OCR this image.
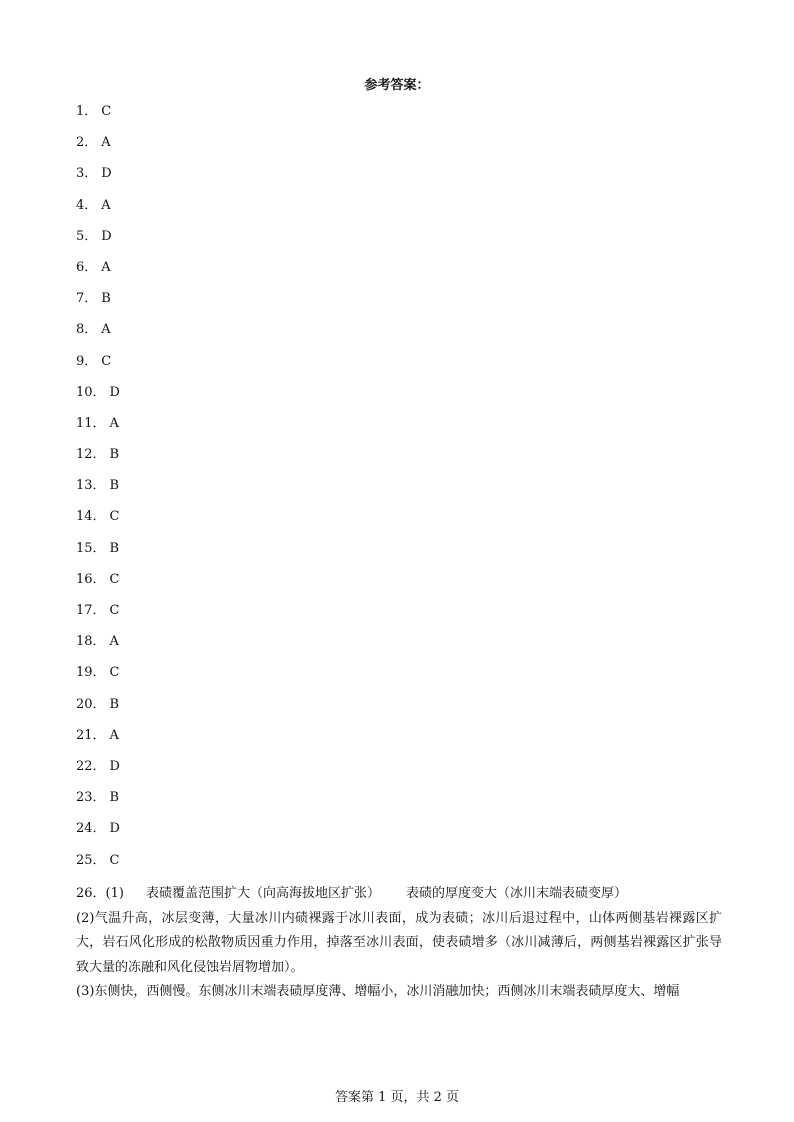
参考答案：
1． C
2． A
3． D
4． A
5． D
6． A
7． B
8． A
9． C
10． D
11． A
12． B
13． B
14． C
15． B
16． C
17． C
18． A
19． C
20． B
21． A
22． D
23． B
24． D
25． C

26．(1) 表碛覆盖范围扩大（向高海拔地区扩张） 表碛的厚度变大（冰川末端表碛变厚）

(2)气温升高，冰层变薄，大量冰川内碛裸露于冰川表面，成为表碛；冰川后退过程中，山体两侧基岩裸露区扩大，岩石风化形成的松散物质因重力作用，掉落至冰川表面，使表碛增多（冰川减薄后，两侧基岩裸露区扩张导致大量的冻融和风化侵蚀岩屑物增加）。

(3)东侧快，西侧慢。东侧冰川末端表碛厚度薄、增幅小，冰川消融加快；西侧冰川末端表碛厚度大、增幅

答案第 1 页，共 2 页
